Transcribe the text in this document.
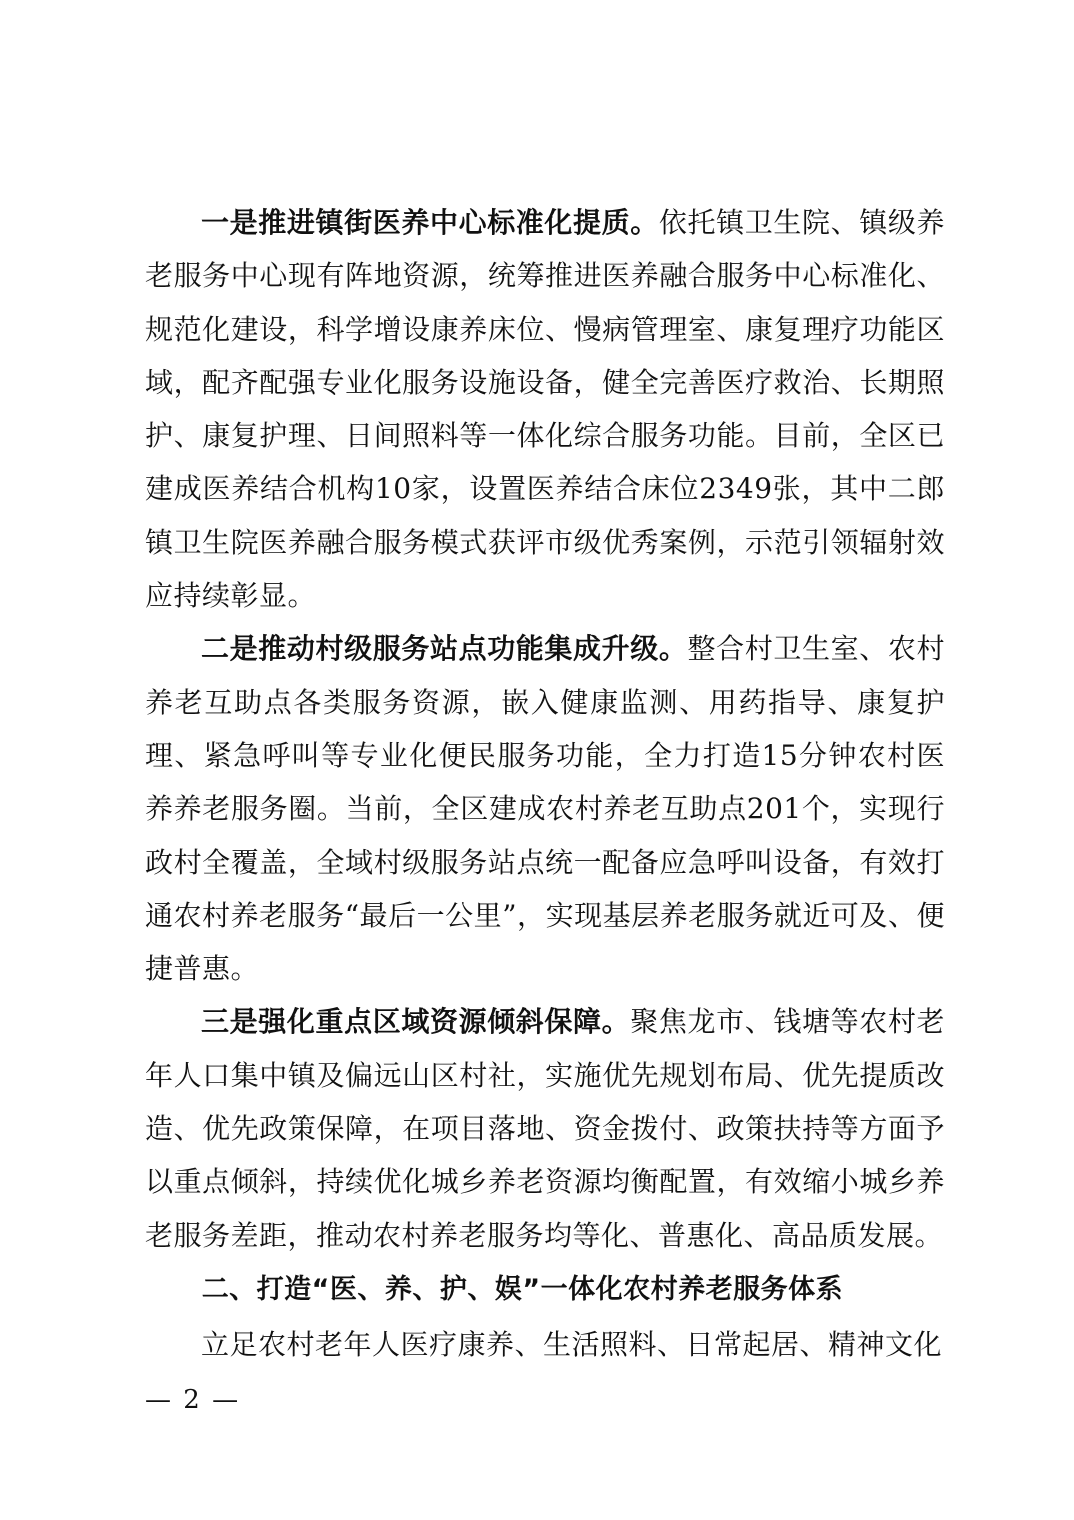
一是推进镇街医养中心标准化提质。依托镇卫生院、镇级养老服务中心现有阵地资源，统筹推进医养融合服务中心标准化、规范化建设，科学增设康养床位、慢病管理室、康复理疗功能区域，配齐配强专业化服务设施设备，健全完善医疗救治、长期照护、康复护理、日间照料等一体化综合服务功能。目前，全区已建成医养结合机构10家，设置医养结合床位2349张，其中二郎镇卫生院医养融合服务模式获评市级优秀案例，示范引领辐射效应持续彰显。

二是推动村级服务站点功能集成升级。整合村卫生室、农村养老互助点各类服务资源，嵌入健康监测、用药指导、康复护理、紧急呼叫等专业化便民服务功能，全力打造15分钟农村医养养老服务圈。当前，全区建成农村养老互助点201个，实现行政村全覆盖，全域村级服务站点统一配备应急呼叫设备，有效打通农村养老服务“最后一公里”，实现基层养老服务就近可及、便捷普惠。

三是强化重点区域资源倾斜保障。聚焦龙市、钱塘等农村老年人口集中镇及偏远山区村社，实施优先规划布局、优先提质改造、优先政策保障，在项目落地、资金拨付、政策扶持等方面予以重点倾斜，持续优化城乡养老资源均衡配置，有效缩小城乡养老服务差距，推动农村养老服务均等化、普惠化、高品质发展。

二、打造“医、养、护、娱”一体化农村养老服务体系

立足农村老年人医疗康养、生活照料、日常起居、精神文化

— 2 —
